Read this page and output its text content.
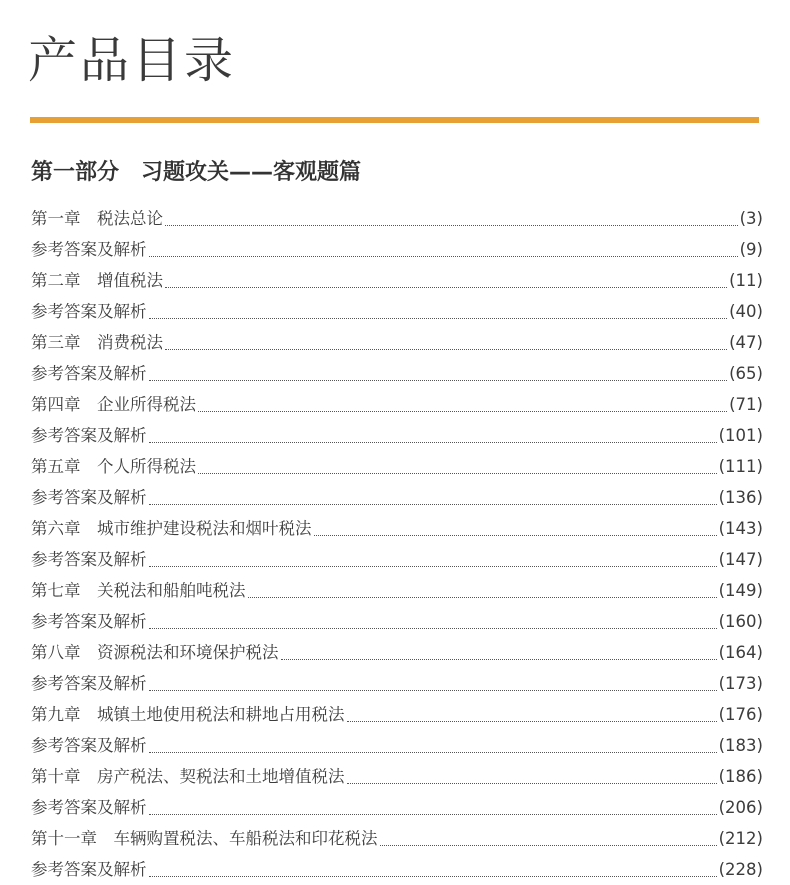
产品目录
第一部分　习题攻关——客观题篇
第一章　税法总论	(3)
参考答案及解析	(9)
第二章　增值税法	(11)
参考答案及解析	(40)
第三章　消费税法	(47)
参考答案及解析	(65)
第四章　企业所得税法	(71)
参考答案及解析	(101)
第五章　个人所得税法	(111)
参考答案及解析	(136)
第六章　城市维护建设税法和烟叶税法	(143)
参考答案及解析	(147)
第七章　关税法和船舶吨税法	(149)
参考答案及解析	(160)
第八章　资源税法和环境保护税法	(164)
参考答案及解析	(173)
第九章　城镇土地使用税法和耕地占用税法	(176)
参考答案及解析	(183)
第十章　房产税法、契税法和土地增值税法	(186)
参考答案及解析	(206)
第十一章　车辆购置税法、车船税法和印花税法	(212)
参考答案及解析	(228)
